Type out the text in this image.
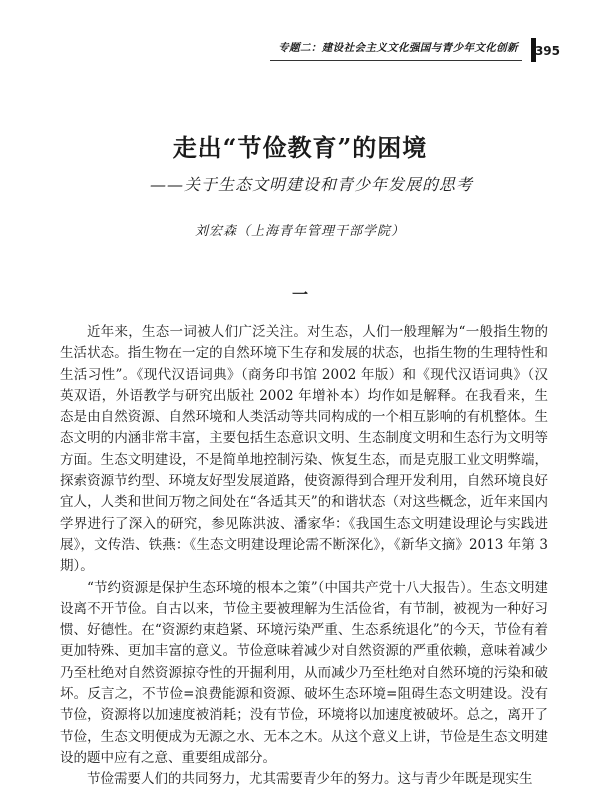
专题二：建设社会主义文化强国与青少年文化创新 395
走出“节俭教育”的困境
——关于生态文明建设和青少年发展的思考
刘宏森（上海青年管理干部学院）
一

近年来，生态一词被人们广泛关注。对生态，人们一般理解为“一般指生物的生活状态。指生物在一定的自然环境下生存和发展的状态，也指生物的生理特性和生活习性”。《现代汉语词典》（商务印书馆 2002 年版）和《现代汉语词典》（汉英双语，外语教学与研究出版社 2002 年增补本）均作如是解释。在我看来，生态是由自然资源、自然环境和人类活动等共同构成的一个相互影响的有机整体。生态文明的内涵非常丰富，主要包括生态意识文明、生态制度文明和生态行为文明等方面。生态文明建设，不是简单地控制污染、恢复生态，而是克服工业文明弊端，探索资源节约型、环境友好型发展道路，使资源得到合理开发利用，自然环境良好宜人，人类和世间万物之间处在“各适其天”的和谐状态（对这些概念，近年来国内学界进行了深入的研究，参见陈洪波、潘家华：《我国生态文明建设理论与实践进展》，文传浩、铁燕：《生态文明建设理论需不断深化》，《新华文摘》2013 年第 3 期）。

“节约资源是保护生态环境的根本之策”（中国共产党十八大报告）。生态文明建设离不开节俭。自古以来，节俭主要被理解为生活俭省，有节制，被视为一种好习惯、好德性。在“资源约束趋紧、环境污染严重、生态系统退化”的今天，节俭有着更加特殊、更加丰富的意义。节俭意味着减少对自然资源的严重依赖，意味着减少乃至杜绝对自然资源掠夺性的开掘利用，从而减少乃至杜绝对自然环境的污染和破坏。反言之，不节俭=浪费能源和资源、破坏生态环境=阻碍生态文明建设。没有节俭，资源将以加速度被消耗；没有节俭，环境将以加速度被破坏。总之，离开了节俭，生态文明便成为无源之水、无本之木。从这个意义上讲，节俭是生态文明建设的题中应有之意、重要组成部分。

节俭需要人们的共同努力，尤其需要青少年的努力。这与青少年既是现实生
